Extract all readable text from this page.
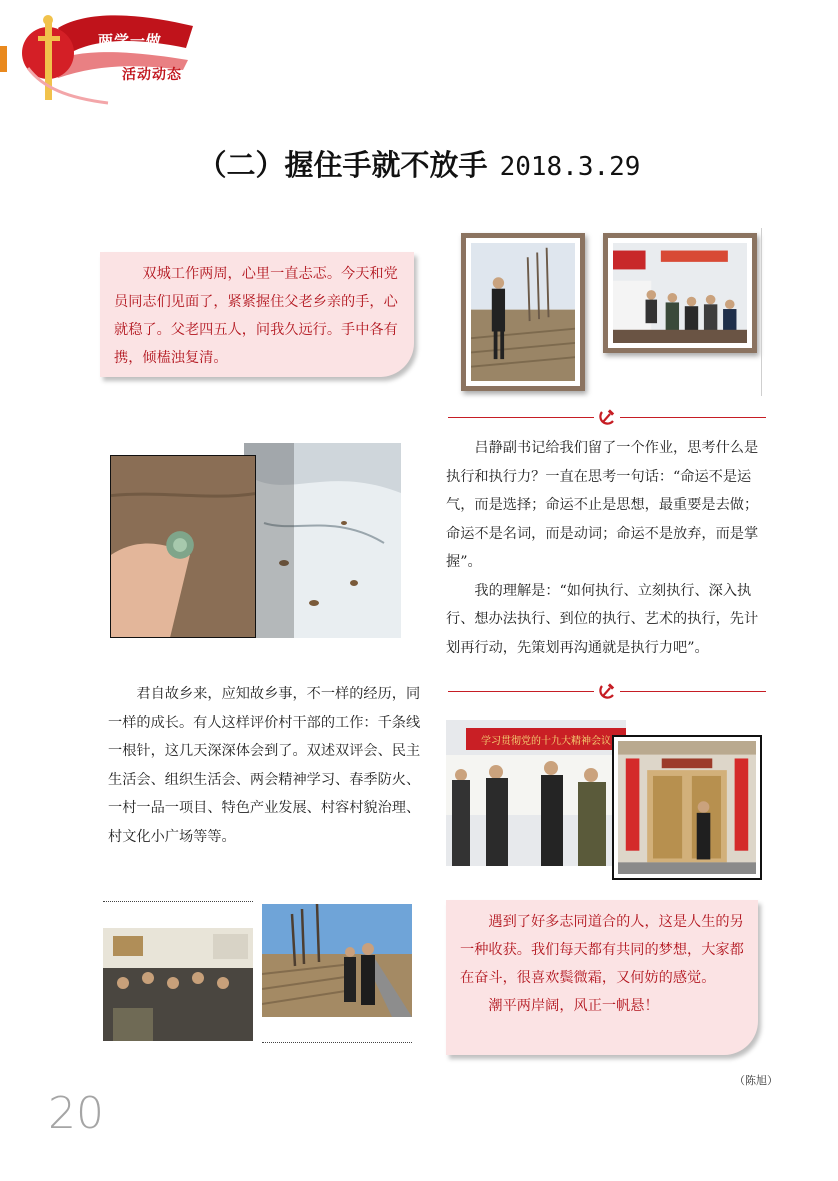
两学一做
活动动态
（二）握住手就不放手 2018.3.29

双城工作两周，心里一直忐忑。今天和党员同志们见面了，紧紧握住父老乡亲的手，心就稳了。父老四五人，问我久远行。手中各有携，倾榼浊复清。

吕静副书记给我们留了一个作业，思考什么是执行和执行力？一直在思考一句话：“命运不是运气，而是选择；命运不止是思想，最重要是去做；命运不是名词，而是动词；命运不是放弃，而是掌握”。

我的理解是：“如何执行、立刻执行、深入执行、想办法执行、到位的执行、艺术的执行，先计划再行动，先策划再沟通就是执行力吧”。

君自故乡来，应知故乡事，不一样的经历，同一样的成长。有人这样评价村干部的工作：千条线一根针，这几天深深体会到了。双述双评会、民主生活会、组织生活会、两会精神学习、春季防火、一村一品一项目、特色产业发展、村容村貌治理、村文化小广场等等。

学习贯彻党的十九大精神会议

遇到了好多志同道合的人，这是人生的另一种收获。我们每天都有共同的梦想，大家都在奋斗，很喜欢鬓微霜，又何妨的感觉。

潮平两岸阔，风正一帆悬！

（陈旭）
20
